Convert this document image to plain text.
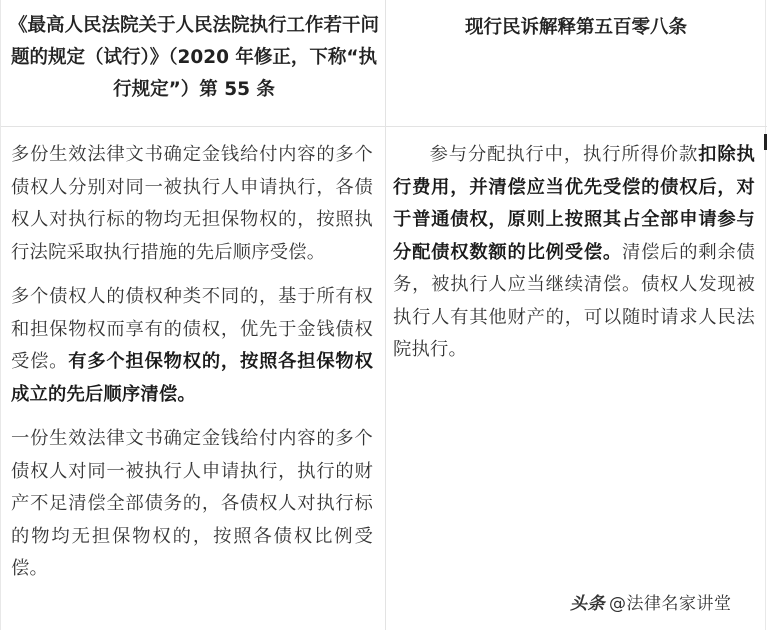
《最高人民法院关于人民法院执行工作若干问题的规定（试行）》（2020 年修正，下称“执行规定”）第 55 条
现行民诉解释第五百零八条

多份生效法律文书确定金钱给付内容的多个债权人分别对同一被执行人申请执行，各债权人对执行标的物均无担保物权的，按照执行法院采取执行措施的先后顺序受偿。

多个债权人的债权种类不同的，基于所有权和担保物权而享有的债权，优先于金钱债权受偿。有多个担保物权的，按照各担保物权成立的先后顺序清偿。

一份生效法律文书确定金钱给付内容的多个债权人对同一被执行人申请执行，执行的财产不足清偿全部债务的，各债权人对执行标的物均无担保物权的，按照各债权比例受偿。

参与分配执行中，执行所得价款扣除执行费用，并清偿应当优先受偿的债权后，对于普通债权，原则上按照其占全部申请参与分配债权数额的比例受偿。清偿后的剩余债务，被执行人应当继续清偿。债权人发现被执行人有其他财产的，可以随时请求人民法院执行。

头条 @法律名家讲堂
